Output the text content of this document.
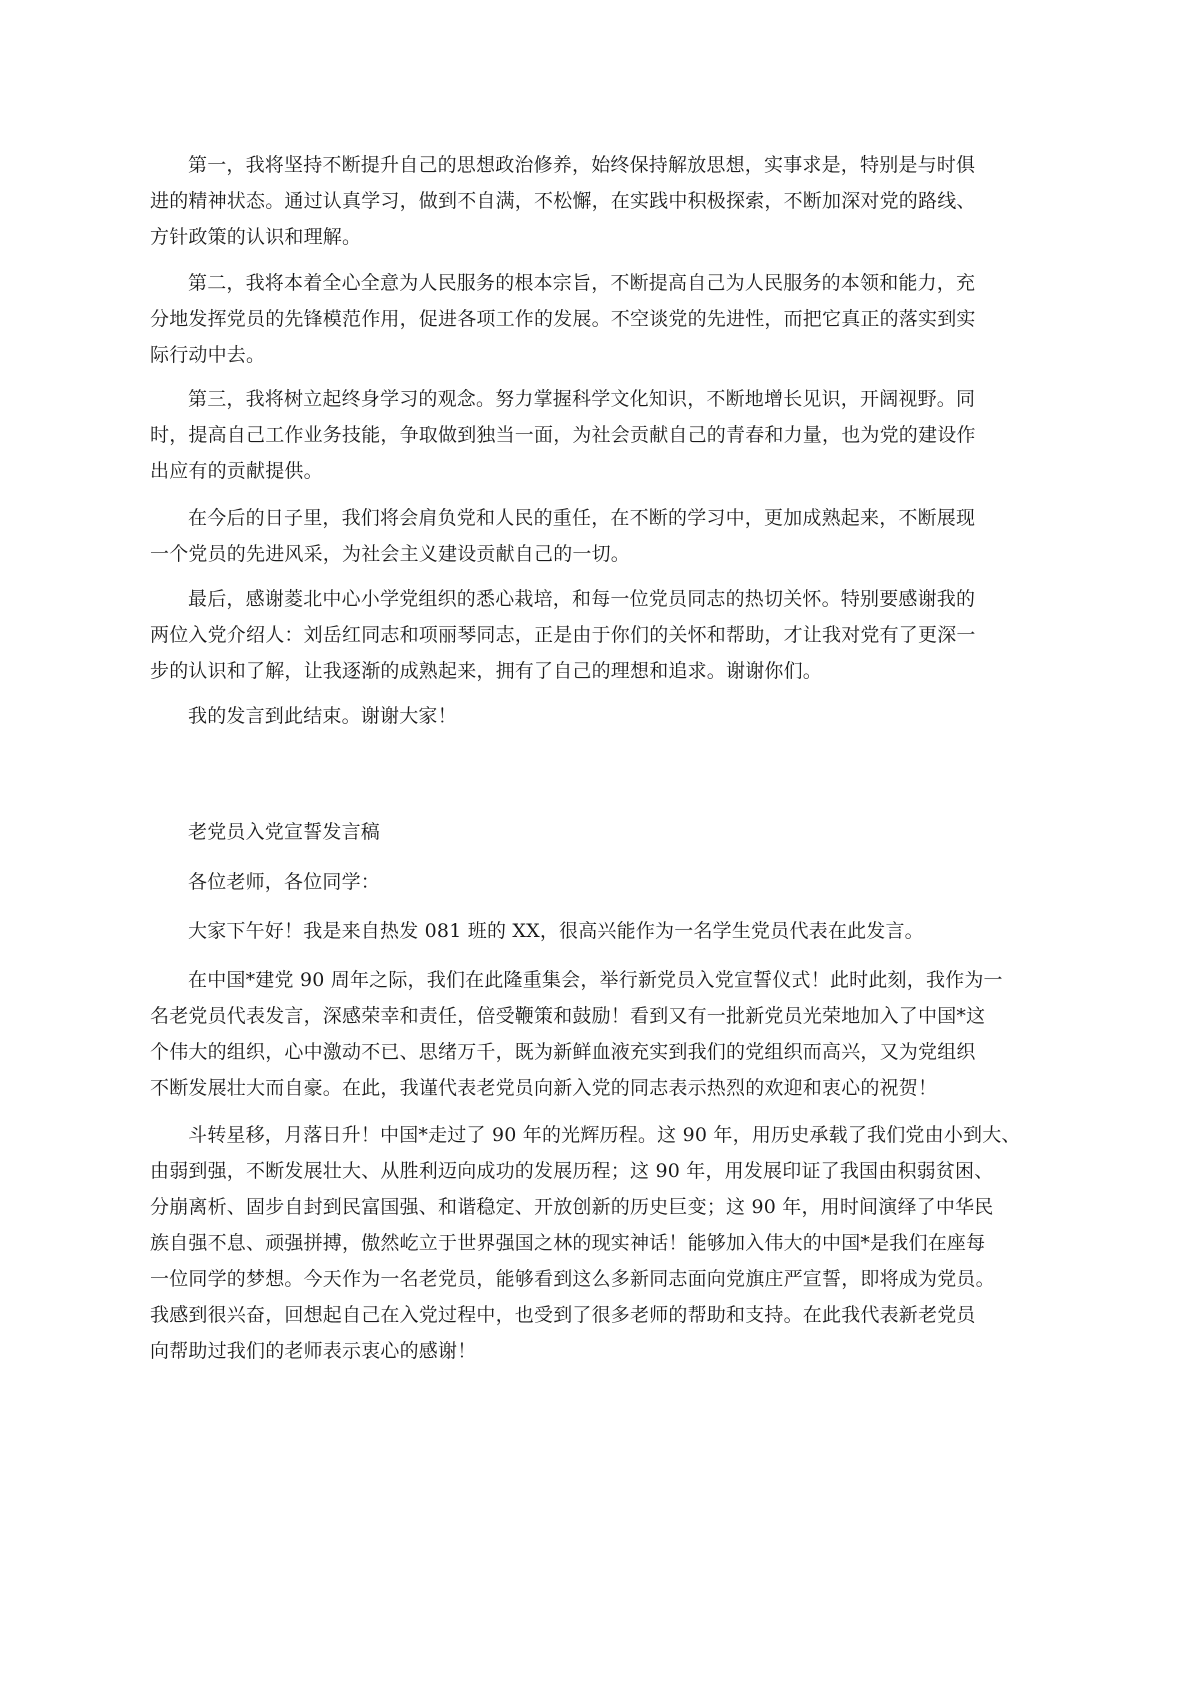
第一，我将坚持不断提升自己的思想政治修养，始终保持解放思想，实事求是，特别是与时俱
进的精神状态。通过认真学习，做到不自满，不松懈，在实践中积极探索，不断加深对党的路线、
方针政策的认识和理解。
第二，我将本着全心全意为人民服务的根本宗旨，不断提高自己为人民服务的本领和能力，充
分地发挥党员的先锋模范作用，促进各项工作的发展。不空谈党的先进性，而把它真正的落实到实
际行动中去。
第三，我将树立起终身学习的观念。努力掌握科学文化知识，不断地增长见识，开阔视野。同
时，提高自己工作业务技能，争取做到独当一面，为社会贡献自己的青春和力量，也为党的建设作
出应有的贡献提供。
在今后的日子里，我们将会肩负党和人民的重任，在不断的学习中，更加成熟起来，不断展现
一个党员的先进风采，为社会主义建设贡献自己的一切。
最后，感谢菱北中心小学党组织的悉心栽培，和每一位党员同志的热切关怀。特别要感谢我的
两位入党介绍人：刘岳红同志和项丽琴同志，正是由于你们的关怀和帮助，才让我对党有了更深一
步的认识和了解，让我逐渐的成熟起来，拥有了自己的理想和追求。谢谢你们。
我的发言到此结束。谢谢大家！
老党员入党宣誓发言稿
各位老师，各位同学：
大家下午好！我是来自热发 081 班的 XX，很高兴能作为一名学生党员代表在此发言。
在中国*建党 90 周年之际，我们在此隆重集会，举行新党员入党宣誓仪式！此时此刻，我作为一
名老党员代表发言，深感荣幸和责任，倍受鞭策和鼓励！看到又有一批新党员光荣地加入了中国*这
个伟大的组织，心中激动不已、思绪万千，既为新鲜血液充实到我们的党组织而高兴，又为党组织
不断发展壮大而自豪。在此，我谨代表老党员向新入党的同志表示热烈的欢迎和衷心的祝贺！
斗转星移，月落日升！中国*走过了 90 年的光辉历程。这 90 年，用历史承载了我们党由小到大、
由弱到强，不断发展壮大、从胜利迈向成功的发展历程；这 90 年，用发展印证了我国由积弱贫困、
分崩离析、固步自封到民富国强、和谐稳定、开放创新的历史巨变；这 90 年，用时间演绎了中华民
族自强不息、顽强拼搏，傲然屹立于世界强国之林的现实神话！能够加入伟大的中国*是我们在座每
一位同学的梦想。今天作为一名老党员，能够看到这么多新同志面向党旗庄严宣誓，即将成为党员。
我感到很兴奋，回想起自己在入党过程中，也受到了很多老师的帮助和支持。在此我代表新老党员
向帮助过我们的老师表示衷心的感谢！
